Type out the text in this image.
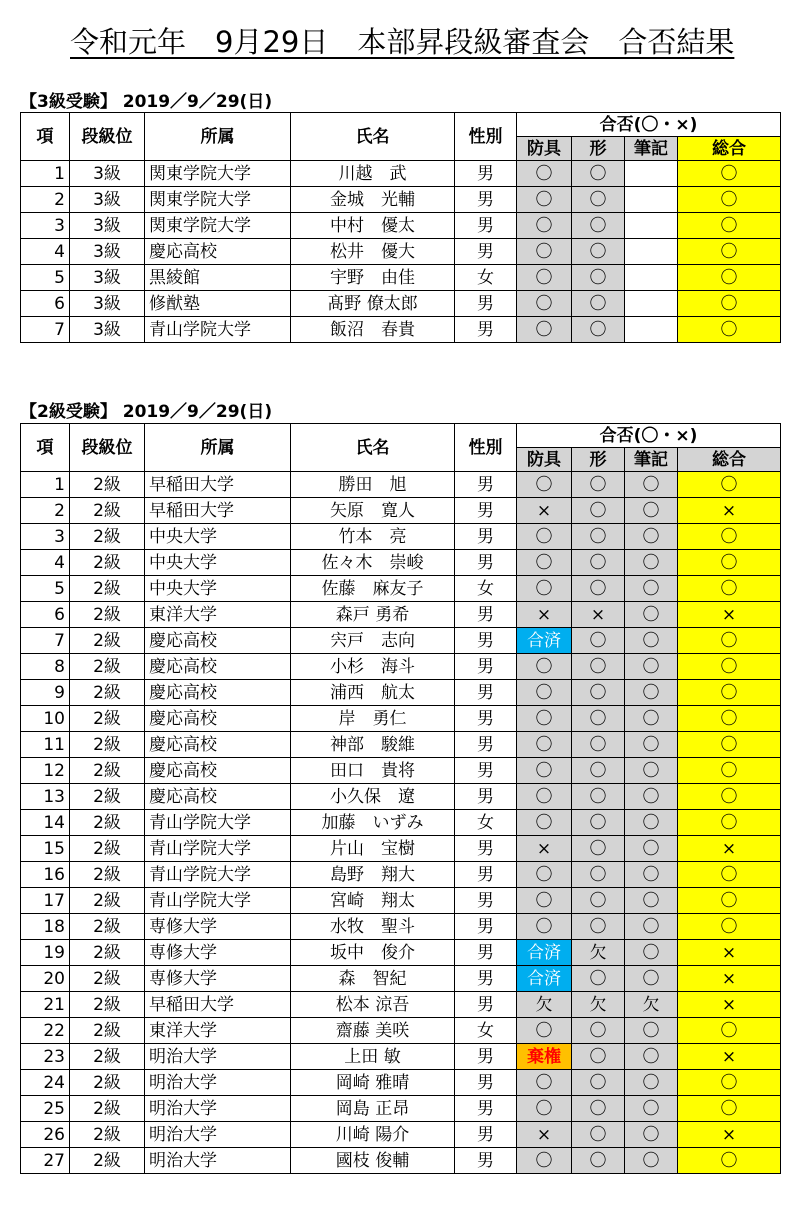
令和元年　9月29日　本部昇段級審査会　合否結果
【3級受験】 2019／9／29(日)
項	段級位	所属	氏名	性別	合否(〇・×)			
					防具	形	筆記	総合
1	3級	関東学院大学	川越　武	男	〇	〇		〇
2	3級	関東学院大学	金城　光輔	男	〇	〇		〇
3	3級	関東学院大学	中村　優太	男	〇	〇		〇
4	3級	慶応高校	松井　優大	男	〇	〇		〇
5	3級	黒綾館	宇野　由佳	女	〇	〇		〇
6	3級	修猷塾	髙野 僚太郎	男	〇	〇		〇
7	3級	青山学院大学	飯沼　春貴	男	〇	〇		〇
【2級受験】 2019／9／29(日)
項	段級位	所属	氏名	性別	合否(〇・×)			
					防具	形	筆記	総合
1	2級	早稲田大学	勝田　旭	男	〇	〇	〇	〇
2	2級	早稲田大学	矢原　寛人	男	×	〇	〇	×
3	2級	中央大学	竹本　亮	男	〇	〇	〇	〇
4	2級	中央大学	佐々木　崇峻	男	〇	〇	〇	〇
5	2級	中央大学	佐藤　麻友子	女	〇	〇	〇	〇
6	2級	東洋大学	森戸 勇希	男	×	×	〇	×
7	2級	慶応高校	宍戸　志向	男	合済	〇	〇	〇
8	2級	慶応高校	小杉　海斗	男	〇	〇	〇	〇
9	2級	慶応高校	浦西　航太	男	〇	〇	〇	〇
10	2級	慶応高校	岸　勇仁	男	〇	〇	〇	〇
11	2級	慶応高校	神部　駿維	男	〇	〇	〇	〇
12	2級	慶応高校	田口　貴将	男	〇	〇	〇	〇
13	2級	慶応高校	小久保　遼	男	〇	〇	〇	〇
14	2級	青山学院大学	加藤　いずみ	女	〇	〇	〇	〇
15	2級	青山学院大学	片山　宝樹	男	×	〇	〇	×
16	2級	青山学院大学	島野　翔大	男	〇	〇	〇	〇
17	2級	青山学院大学	宮崎　翔太	男	〇	〇	〇	〇
18	2級	専修大学	水牧　聖斗	男	〇	〇	〇	〇
19	2級	専修大学	坂中　俊介	男	合済	欠	〇	×
20	2級	専修大学	森　智紀	男	合済	〇	〇	×
21	2級	早稲田大学	松本 涼吾	男	欠	欠	欠	×
22	2級	東洋大学	齋藤 美咲	女	〇	〇	〇	〇
23	2級	明治大学	上田 敏	男	棄権	〇	〇	×
24	2級	明治大学	岡崎 雅晴	男	〇	〇	〇	〇
25	2級	明治大学	岡島 正昂	男	〇	〇	〇	〇
26	2級	明治大学	川崎 陽介	男	×	〇	〇	×
27	2級	明治大学	國枝 俊輔	男	〇	〇	〇	〇
